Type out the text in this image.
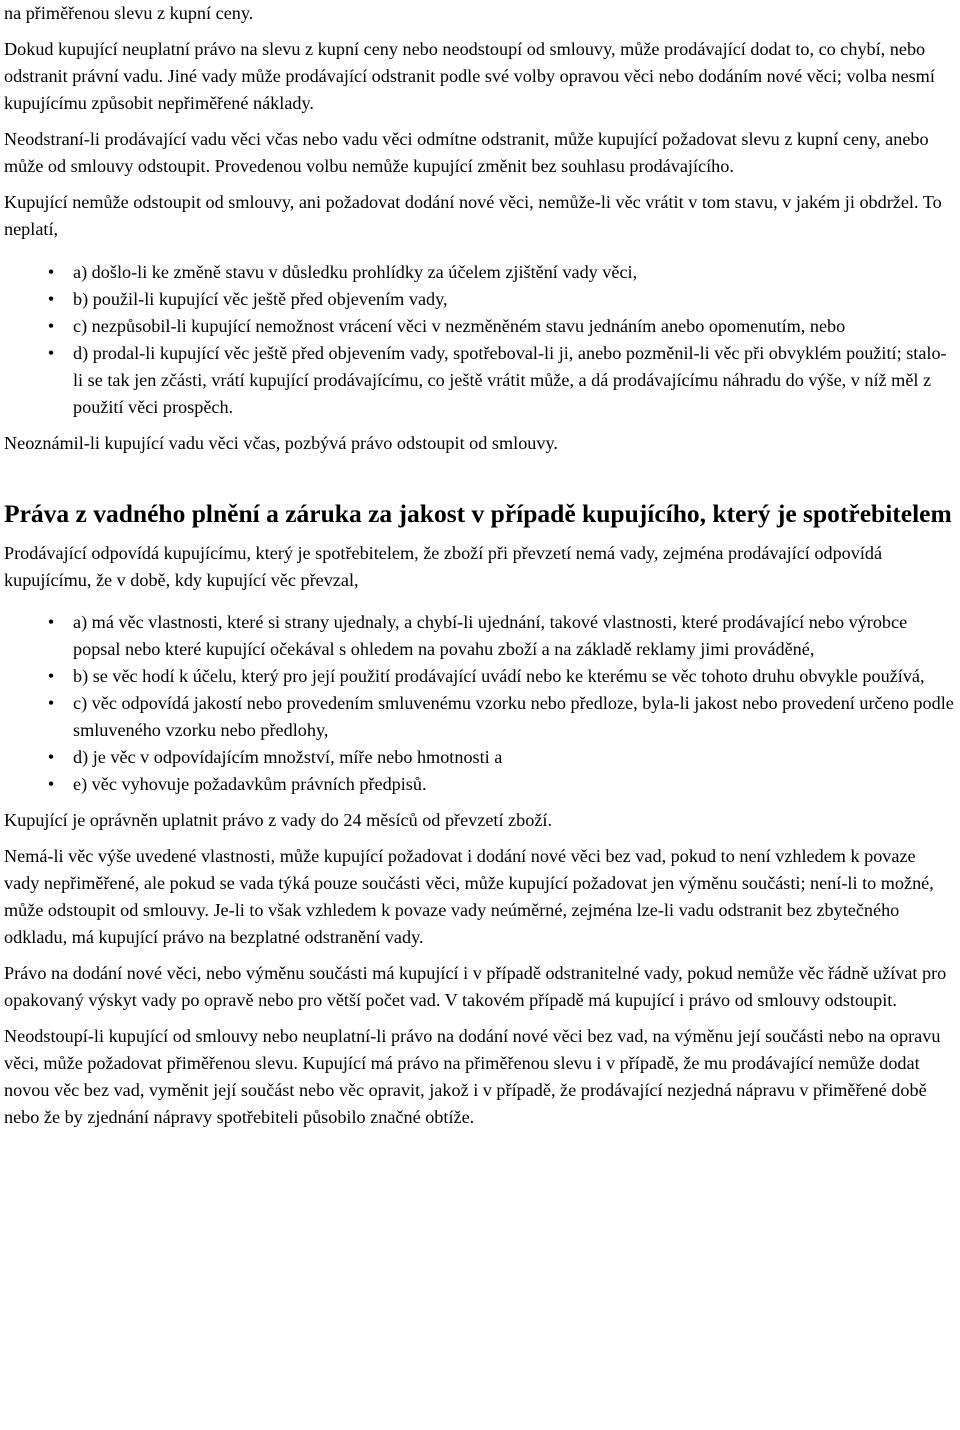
na přiměřenou slevu z kupní ceny.

Dokud kupující neuplatní právo na slevu z kupní ceny nebo neodstoupí od smlouvy, může prodávající dodat to, co chybí, nebo odstranit právní vadu. Jiné vady může prodávající odstranit podle své volby opravou věci nebo dodáním nové věci; volba nesmí kupujícímu způsobit nepřiměřené náklady.

Neodstraní-li prodávající vadu věci včas nebo vadu věci odmítne odstranit, může kupující požadovat slevu z kupní ceny, anebo může od smlouvy odstoupit. Provedenou volbu nemůže kupující změnit bez souhlasu prodávajícího.

Kupující nemůže odstoupit od smlouvy, ani požadovat dodání nové věci, nemůže-li věc vrátit v tom stavu, v jakém ji obdržel. To neplatí,

• a) došlo-li ke změně stavu v důsledku prohlídky za účelem zjištění vady věci,
• b) použil-li kupující věc ještě před objevením vady,
• c) nezpůsobil-li kupující nemožnost vrácení věci v nezměněném stavu jednáním anebo opomenutím, nebo
• d) prodal-li kupující věc ještě před objevením vady, spotřeboval-li ji, anebo pozměnil-li věc při obvyklém použití; stalo-li se tak jen zčásti, vrátí kupující prodávajícímu, co ještě vrátit může, a dá prodávajícímu náhradu do výše, v níž měl z použití věci prospěch.

Neoznámil-li kupující vadu věci včas, pozbývá právo odstoupit od smlouvy.

Práva z vadného plnění a záruka za jakost v případě kupujícího, který je spotřebitelem

Prodávající odpovídá kupujícímu, který je spotřebitelem, že zboží při převzetí nemá vady, zejména prodávající odpovídá kupujícímu, že v době, kdy kupující věc převzal,

• a) má věc vlastnosti, které si strany ujednaly, a chybí-li ujednání, takové vlastnosti, které prodávající nebo výrobce popsal nebo které kupující očekával s ohledem na povahu zboží a na základě reklamy jimi prováděné,
• b) se věc hodí k účelu, který pro její použití prodávající uvádí nebo ke kterému se věc tohoto druhu obvykle používá,
• c) věc odpovídá jakostí nebo provedením smluvenému vzorku nebo předloze, byla-li jakost nebo provedení určeno podle smluveného vzorku nebo předlohy,
• d) je věc v odpovídajícím množství, míře nebo hmotnosti a
• e) věc vyhovuje požadavkům právních předpisů.

Kupující je oprávněn uplatnit právo z vady do 24 měsíců od převzetí zboží.

Nemá-li věc výše uvedené vlastnosti, může kupující požadovat i dodání nové věci bez vad, pokud to není vzhledem k povaze vady nepřiměřené, ale pokud se vada týká pouze součásti věci, může kupující požadovat jen výměnu součásti; není-li to možné, může odstoupit od smlouvy. Je-li to však vzhledem k povaze vady neúměrné, zejména lze-li vadu odstranit bez zbytečného odkladu, má kupující právo na bezplatné odstranění vady.

Právo na dodání nové věci, nebo výměnu součásti má kupující i v případě odstranitelné vady, pokud nemůže věc řádně užívat pro opakovaný výskyt vady po opravě nebo pro větší počet vad. V takovém případě má kupující i právo od smlouvy odstoupit.

Neodstoupí-li kupující od smlouvy nebo neuplatní-li právo na dodání nové věci bez vad, na výměnu její součásti nebo na opravu věci, může požadovat přiměřenou slevu. Kupující má právo na přiměřenou slevu i v případě, že mu prodávající nemůže dodat novou věc bez vad, vyměnit její součást nebo věc opravit, jakož i v případě, že prodávající nezjedná nápravu v přiměřené době nebo že by zjednání nápravy spotřebiteli působilo značné obtíže.
